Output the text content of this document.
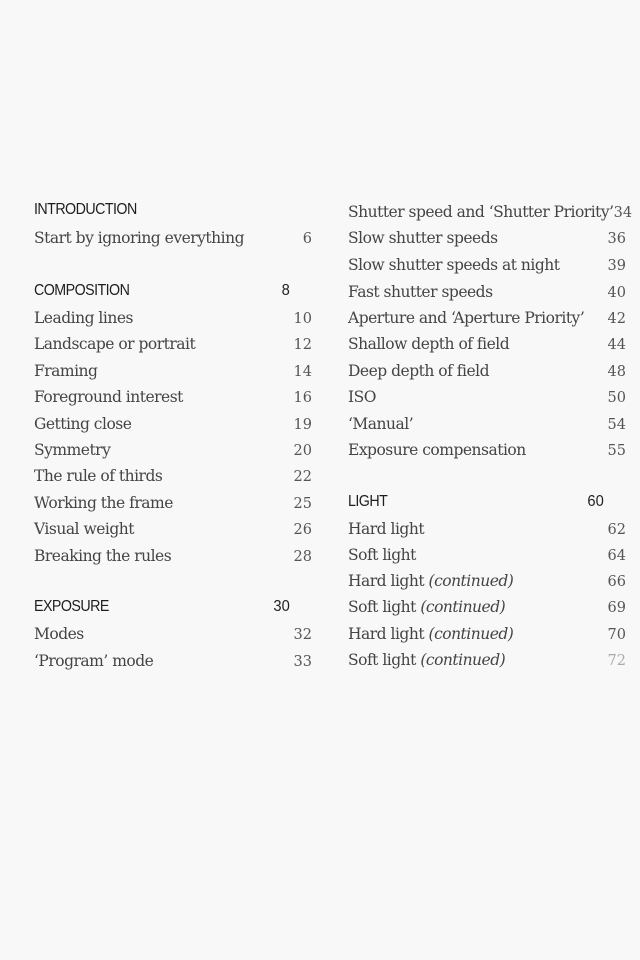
INTRODUCTION
Start by ignoring everything	6
COMPOSITION	8
Leading lines	10
Landscape or portrait	12
Framing	14
Foreground interest	16
Getting close	19
Symmetry	20
The rule of thirds	22
Working the frame	25
Visual weight	26
Breaking the rules	28
EXPOSURE	30
Modes	32
‘Program’ mode	33
Shutter speed and ‘Shutter Priority’ 34
Slow shutter speeds	36
Slow shutter speeds at night	39
Fast shutter speeds	40
Aperture and ‘Aperture Priority’ 42
Shallow depth of field	44
Deep depth of field	48
ISO	50
‘Manual’	54
Exposure compensation	55
LIGHT	60
Hard light	62
Soft light	64
Hard light (continued)	66
Soft light (continued)	69
Hard light (continued)	70
Soft light (continued)	72
